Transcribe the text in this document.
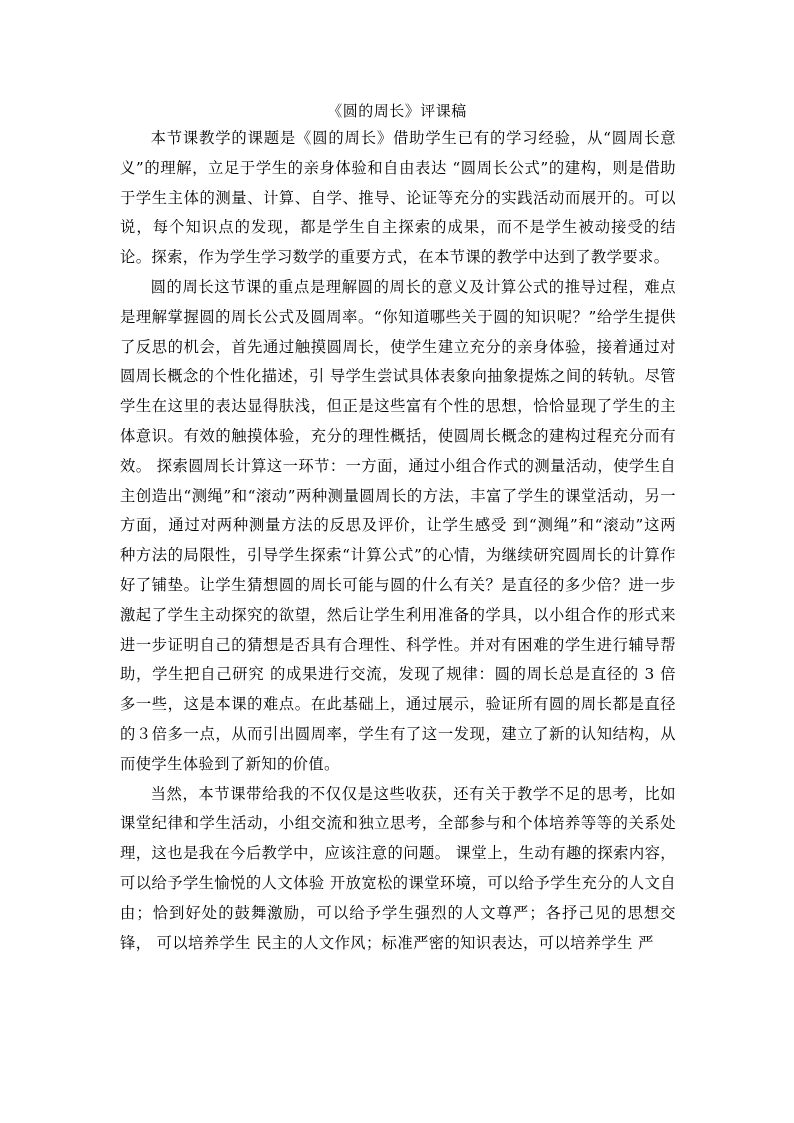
《圆的周长》评课稿

本节课教学的课题是《圆的周长》借助学生已有的学习经验，从“圆周长意义”的理解，立足于学生的亲身体验和自由表达 “圆周长公式”的建构，则是借助于学生主体的测量、计算、自学、推导、论证等充分的实践活动而展开的。可以说，每个知识点的发现，都是学生自主探索的成果，而不是学生被动接受的结论。探索，作为学生学习数学的重要方式，在本节课的教学中达到了教学要求。

圆的周长这节课的重点是理解圆的周长的意义及计算公式的推导过程，难点是理解掌握圆的周长公式及圆周率。“你知道哪些关于圆的知识呢？”给学生提供了反思的机会，首先通过触摸圆周长，使学生建立充分的亲身体验，接着通过对圆周长概念的个性化描述，引 导学生尝试具体表象向抽象提炼之间的转轨。尽管学生在这里的表达显得肤浅，但正是这些富有个性的思想，恰恰显现了学生的主体意识。有效的触摸体验，充分的理性概括，使圆周长概念的建构过程充分而有效。 探索圆周长计算这一环节：一方面，通过小组合作式的测量活动，使学生自主创造出“测绳”和“滚动”两种测量圆周长的方法，丰富了学生的课堂活动，另一方面，通过对两种测量方法的反思及评价，让学生感受 到“测绳”和“滚动”这两种方法的局限性，引导学生探索“计算公式”的心情，为继续研究圆周长的计算作好了铺垫。让学生猜想圆的周长可能与圆的什么有关？是直径的多少倍？进一步激起了学生主动探究的欲望，然后让学生利用准备的学具，以小组合作的形式来进一步证明自己的猜想是否具有合理性、科学性。并对有困难的学生进行辅导帮助，学生把自己研究 的成果进行交流，发现了规律：圆的周长总是直径的 3 倍多一些，这是本课的难点。在此基础上，通过展示，验证所有圆的周长都是直径的３倍多一点，从而引出圆周率，学生有了这一发现，建立了新的认知结构，从而使学生体验到了新知的价值。

当然，本节课带给我的不仅仅是这些收获，还有关于教学不足的思考，比如课堂纪律和学生活动，小组交流和独立思考，全部参与和个体培养等等的关系处理，这也是我在今后教学中，应该注意的问题。 课堂上，生动有趣的探索内容，可以给予学生愉悦的人文体验 开放宽松的课堂环境，可以给予学生充分的人文自由；恰到好处的鼓舞激励，可以给予学生强烈的人文尊严；各抒己见的思想交锋， 可以培养学生 民主的人文作风；标准严密的知识表达，可以培养学生 严
